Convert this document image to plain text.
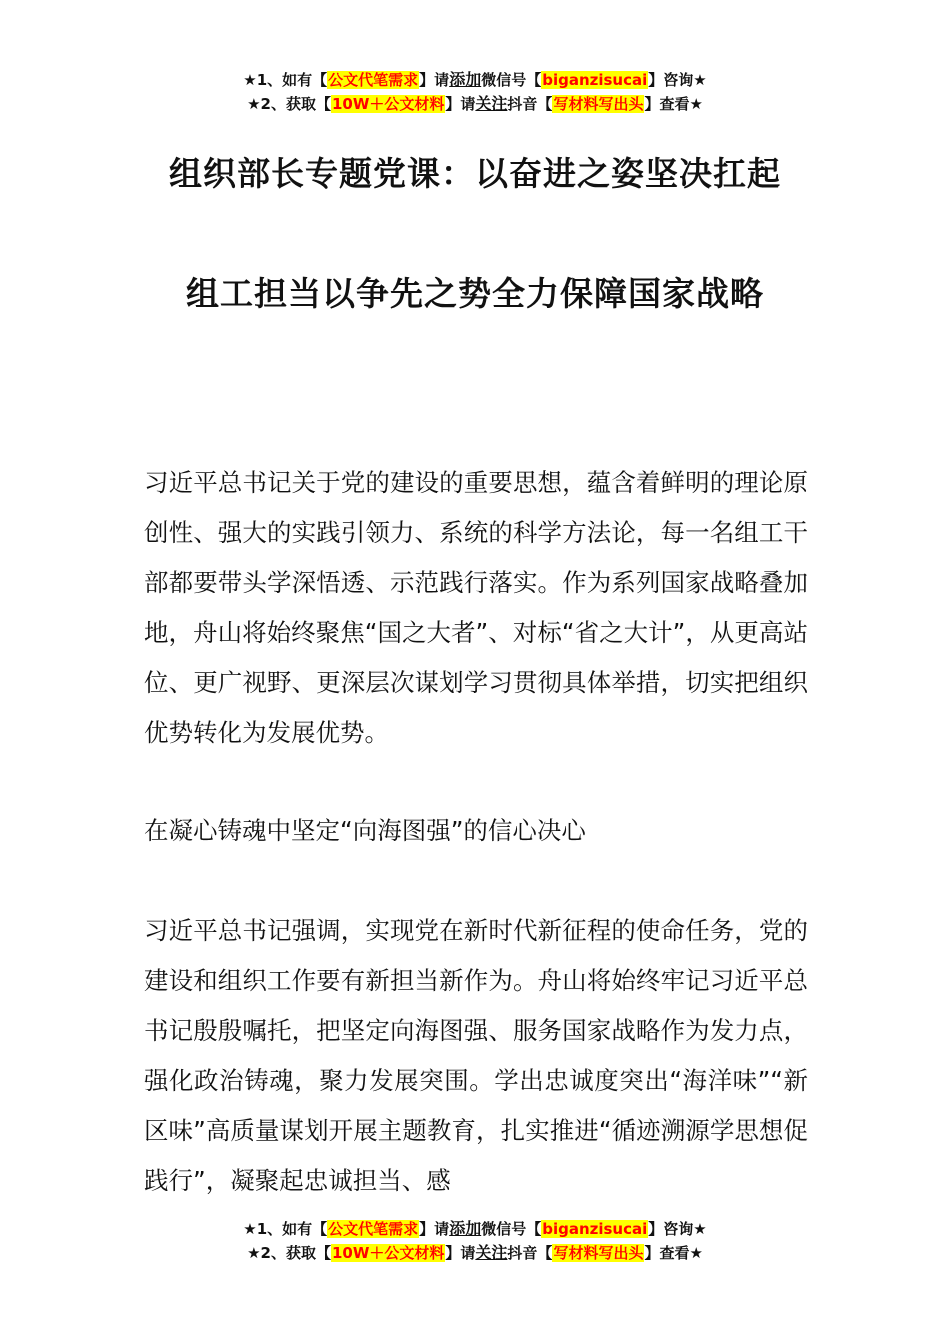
★1、如有【公文代笔需求】请添加微信号【biganzisucai】咨询★
★2、获取【10W＋公文材料】请关注抖音【写材料写出头】查看★
组织部长专题党课：以奋进之姿坚决扛起
组工担当以争先之势全力保障国家战略
习近平总书记关于党的建设的重要思想，蕴含着鲜明的理论原创性、强大的实践引领力、系统的科学方法论，每一名组工干部都要带头学深悟透、示范践行落实。作为系列国家战略叠加地，舟山将始终聚焦“国之大者”、对标“省之大计”，从更高站位、更广视野、更深层次谋划学习贯彻具体举措，切实把组织优势转化为发展优势。
在凝心铸魂中坚定“向海图强”的信心决心
习近平总书记强调，实现党在新时代新征程的使命任务，党的建设和组织工作要有新担当新作为。舟山将始终牢记习近平总书记殷殷嘱托，把坚定向海图强、服务国家战略作为发力点，强化政治铸魂，聚力发展突围。学出忠诚度突出“海洋味”“新区味”高质量谋划开展主题教育，扎实推进“循迹溯源学思想促践行”，凝聚起忠诚担当、感
★1、如有【公文代笔需求】请添加微信号【biganzisucai】咨询★
★2、获取【10W＋公文材料】请关注抖音【写材料写出头】查看★
